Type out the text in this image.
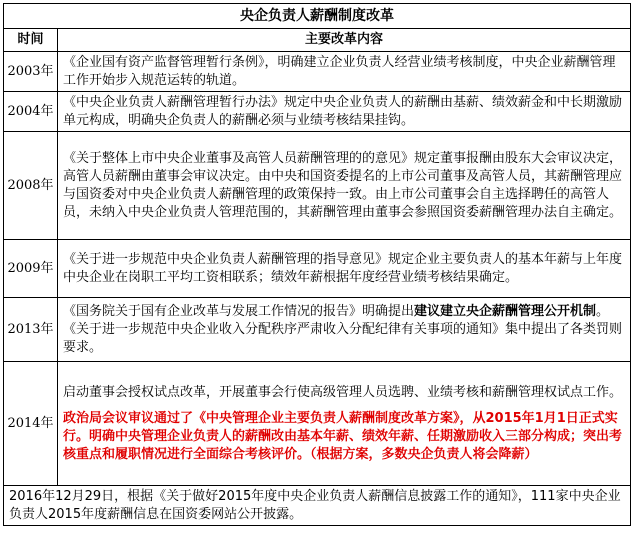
央企负责人薪酬制度改革	
时间	主要改革内容
2003年	《企业国有资产监督管理暂行条例》，明确建立企业负责人经营业绩考核制度，中央企业薪酬管理工作开始步入规范运转的轨道。
2004年	《中央企业负责人薪酬管理暂行办法》规定中央企业负责人的薪酬由基薪、绩效薪金和中长期激励单元构成，明确央企负责人的薪酬必须与业绩考核结果挂钩。
2008年	《关于整体上市中央企业董事及高管人员薪酬管理的的意见》规定董事报酬由股东大会审议决定，高管人员薪酬由董事会审议决定。由中央和国资委提名的上市公司董事及高管人员，其薪酬管理应与国资委对中央企业负责人薪酬管理的政策保持一致。由上市公司董事会自主选择聘任的高管人员，未纳入中央企业负责人管理范围的，其薪酬管理由董事会参照国资委薪酬管理办法自主确定。
2009年	《关于进一步规范中央企业负责人薪酬管理的指导意见》规定企业主要负责人的基本年薪与上年度中央企业在岗职工平均工资相联系；绩效年薪根据年度经营业绩考核结果确定。
2013年	《国务院关于国有企业改革与发展工作情况的报告》明确提出建议建立央企薪酬管理公开机制。《关于进一步规范中央企业收入分配秩序严肃收入分配纪律有关事项的通知》集中提出了各类罚则要求。
2014年	启动董事会授权试点改革，开展董事会行使高级管理人员选聘、业绩考核和薪酬管理权试点工作。
政治局会议审议通过了《中央管理企业主要负责人薪酬制度改革方案》，从2015年1月1日正式实行。明确中央管理企业负责人的薪酬改由基本年薪、绩效年薪、任期激励收入三部分构成；突出考核重点和履职情况进行全面综合考核评价。（根据方案，多数央企负责人将会降薪）

2016年12月29日，根据《关于做好2015年度中央企业负责人薪酬信息披露工作的通知》，111家中央企业负责人2015年度薪酬信息在国资委网站公开披露。	
